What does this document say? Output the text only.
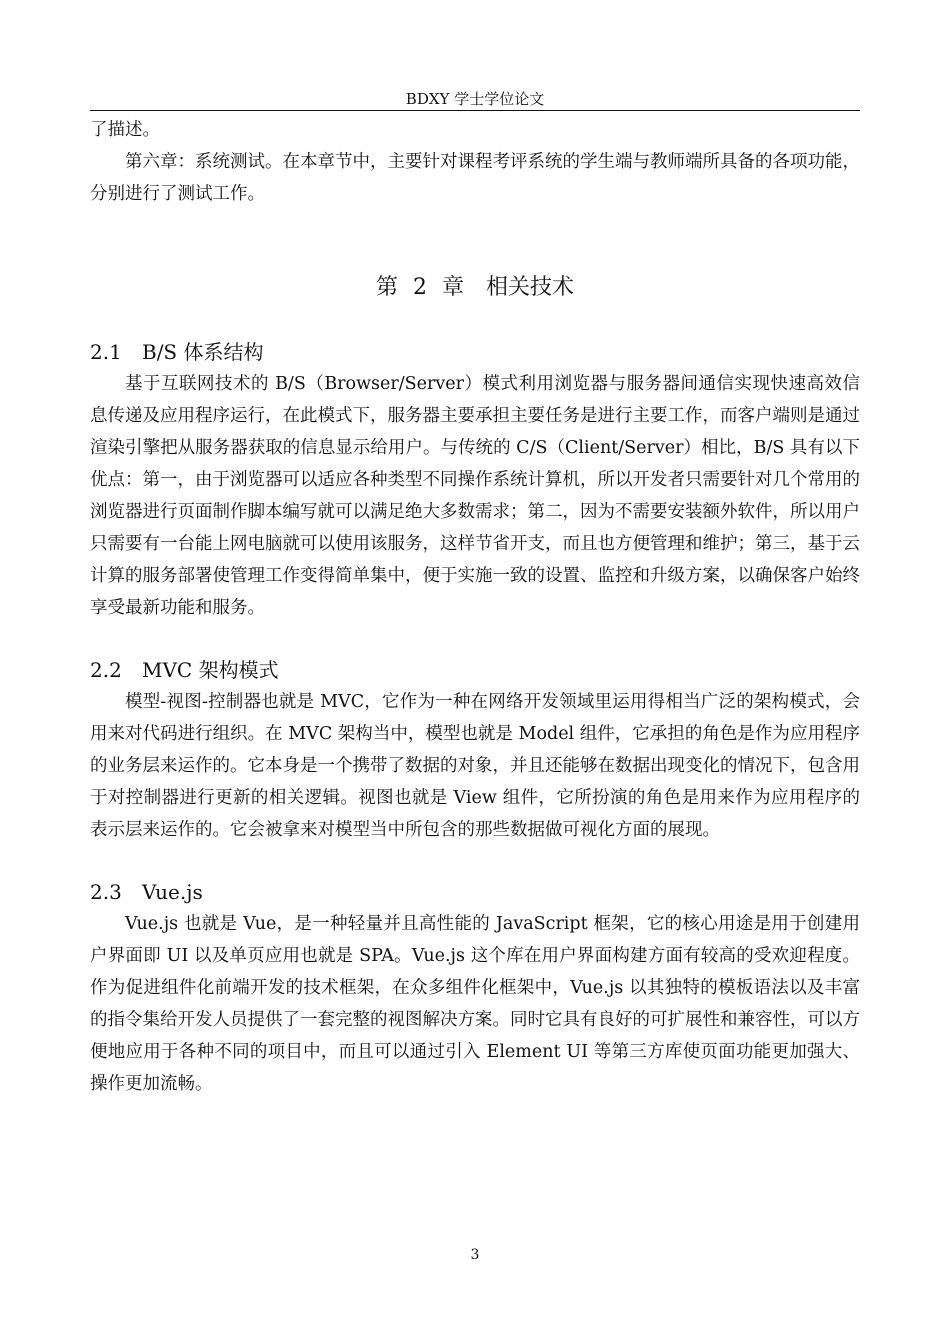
BDXY 学士学位论文

了描述。

第六章：系统测试。在本章节中，主要针对课程考评系统的学生端与教师端所具备的各项功能，分别进行了测试工作。

第 2 章　相关技术
2.1 B/S 体系结构

基于互联网技术的 B/S（Browser/Server）模式利用浏览器与服务器间通信实现快速高效信息传递及应用程序运行，在此模式下，服务器主要承担主要任务是进行主要工作，而客户端则是通过渲染引擎把从服务器获取的信息显示给用户。与传统的 C/S（Client/Server）相比，B/S 具有以下优点：第一，由于浏览器可以适应各种类型不同操作系统计算机，所以开发者只需要针对几个常用的浏览器进行页面制作脚本编写就可以满足绝大多数需求；第二，因为不需要安装额外软件，所以用户只需要有一台能上网电脑就可以使用该服务，这样节省开支，而且也方便管理和维护；第三，基于云计算的服务部署使管理工作变得简单集中，便于实施一致的设置、监控和升级方案，以确保客户始终享受最新功能和服务。

2.2 MVC 架构模式

模型-视图-控制器也就是 MVC，它作为一种在网络开发领域里运用得相当广泛的架构模式，会用来对代码进行组织。在 MVC 架构当中，模型也就是 Model 组件，它承担的角色是作为应用程序的业务层来运作的。它本身是一个携带了数据的对象，并且还能够在数据出现变化的情况下，包含用于对控制器进行更新的相关逻辑。视图也就是 View 组件，它所扮演的角色是用来作为应用程序的表示层来运作的。它会被拿来对模型当中所包含的那些数据做可视化方面的展现。

2.3 Vue.js

Vue.js 也就是 Vue，是一种轻量并且高性能的 JavaScript 框架，它的核心用途是用于创建用户界面即 UI 以及单页应用也就是 SPA。Vue.js 这个库在用户界面构建方面有较高的受欢迎程度。作为促进组件化前端开发的技术框架，在众多组件化框架中，Vue.js 以其独特的模板语法以及丰富的指令集给开发人员提供了一套完整的视图解决方案。同时它具有良好的可扩展性和兼容性，可以方便地应用于各种不同的项目中，而且可以通过引入 Element UI 等第三方库使页面功能更加强大、操作更加流畅。

3
